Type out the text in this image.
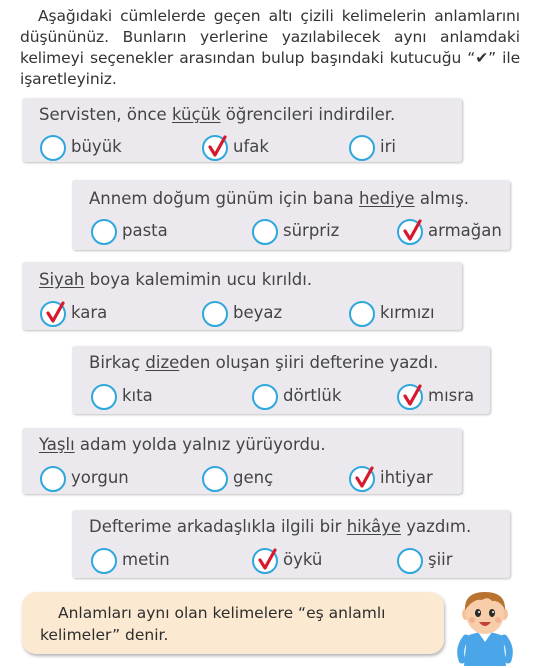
Aşağıdaki cümlelerde geçen altı çizili kelimelerin anlamlarını düşününüz. Bunların yerlerine yazılabilecek aynı anlamdaki kelimeyi seçenekler arasından bulup başındaki kutucuğu “✔” ile işaretleyiniz.
Servisten, önce küçük öğrencileri indirdiler.
büyük	ufak	iri
Annem doğum günüm için bana hediye almış.
pasta	sürpriz	armağan
Siyah boya kalemimin ucu kırıldı.
kara	beyaz	kırmızı
Birkaç dizeden oluşan şiiri defterine yazdı.
kıta	dörtlük	mısra
Yaşlı adam yolda yalnız yürüyordu.
yorgun	genç	ihtiyar
Defterime arkadaşlıkla ilgili bir hikâye yazdım.
metin	öykü	şiir
Anlamları aynı olan kelimelere “eş anlamlı kelimeler” denir.
